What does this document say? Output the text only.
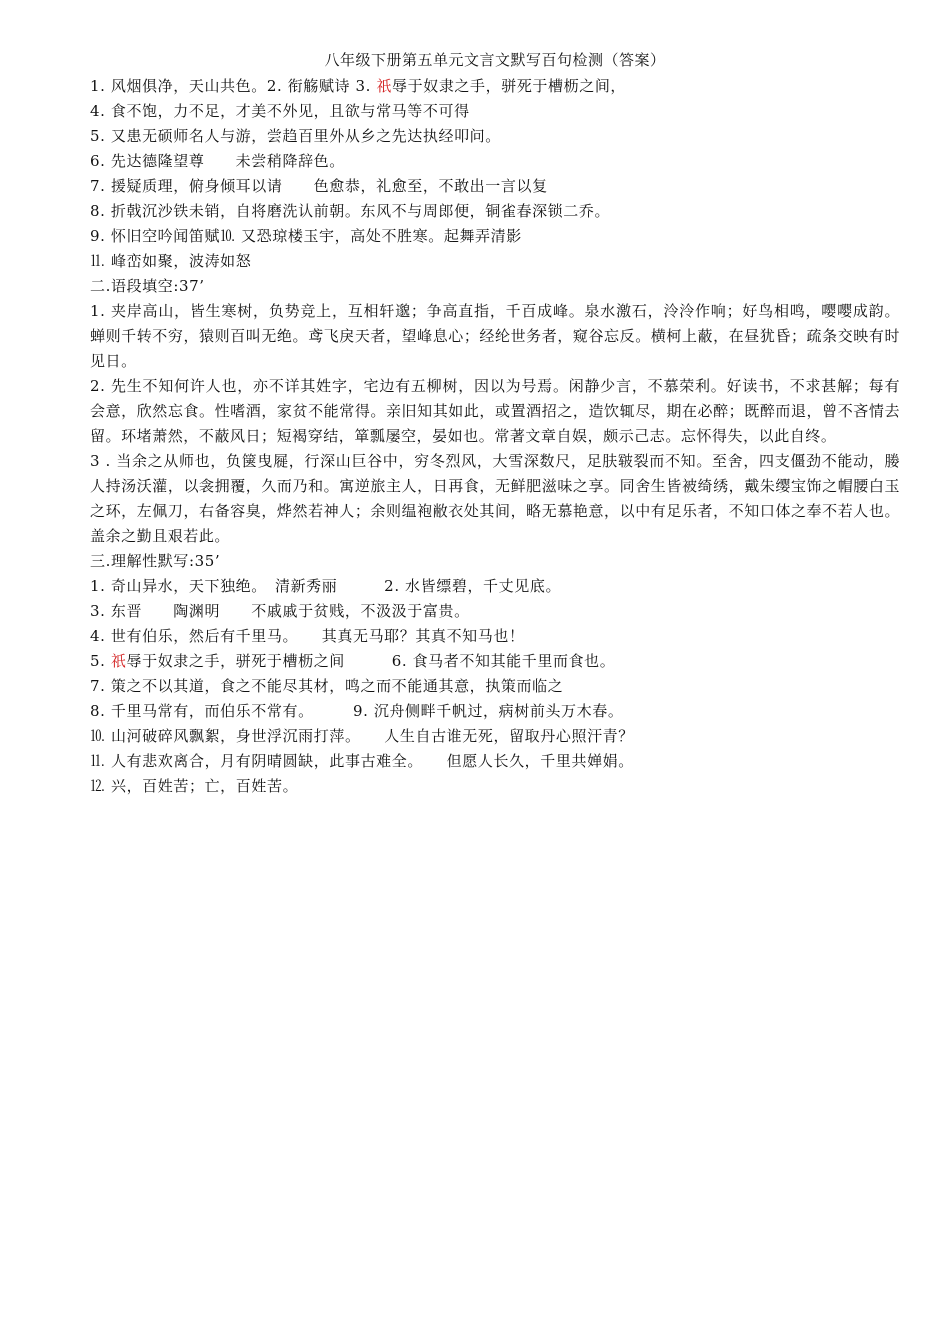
八年级下册第五单元文言文默写百句检测（答案）
1. 风烟俱净，天山共色。2. 衔觞赋诗 3. 祇辱于奴隶之手，骈死于槽枥之间，
4. 食不饱，力不足，才美不外见，且欲与常马等不可得
5. 又患无硕师名人与游，尝趋百里外从乡之先达执经叩问。
6. 先达德隆望尊　　未尝稍降辞色。
7. 援疑质理，俯身倾耳以请　　色愈恭，礼愈至，不敢出一言以复
8. 折戟沉沙铁未销，自将磨洗认前朝。东风不与周郎便，铜雀春深锁二乔。
9. 怀旧空吟闻笛赋⒑ 又恐琼楼玉宇，高处不胜寒。起舞弄清影
⒒ 峰峦如聚，波涛如怒
二.语段填空:37’

1. 夹岸高山，皆生寒树，负势竞上，互相轩邈；争高直指，千百成峰。泉水激石，泠泠作响；好鸟相鸣，嘤嘤成韵。蝉则千转不穷，猿则百叫无绝。鸢飞戾天者，望峰息心；经纶世务者，窥谷忘反。横柯上蔽，在昼犹昏；疏条交映有时见日。

2. 先生不知何许人也，亦不详其姓字，宅边有五柳树，因以为号焉。闲静少言，不慕荣利。好读书，不求甚解；每有会意，欣然忘食。性嗜酒，家贫不能常得。亲旧知其如此，或置酒招之，造饮辄尽，期在必醉；既醉而退，曾不吝情去留。环堵萧然，不蔽风日；短褐穿结，箪瓢屡空，晏如也。常著文章自娱，颇示己志。忘怀得失，以此自终。

3 . 当余之从师也，负箧曳屣，行深山巨谷中，穷冬烈风，大雪深数尺，足肤皲裂而不知。至舍，四支僵劲不能动，媵人持汤沃灌，以衾拥覆，久而乃和。寓逆旅主人，日再食，无鲜肥滋味之享。同舍生皆被绮绣，戴朱缨宝饰之帽腰白玉之环，左佩刀，右备容臭，烨然若神人；余则缊袍敝衣处其间，略无慕艳意，以中有足乐者，不知口体之奉不若人也。盖余之勤且艰若此。

三.理解性默写:35’
1. 奇山异水，天下独绝。　清新秀丽　　　2. 水皆缥碧，千丈见底。
3. 东晋　　陶渊明　　不戚戚于贫贱，不汲汲于富贵。
4. 世有伯乐，然后有千里马。　　其真无马耶？其真不知马也！
5. 祇辱于奴隶之手，骈死于槽枥之间　　　6. 食马者不知其能千里而食也。
7. 策之不以其道，食之不能尽其材，鸣之而不能通其意，执策而临之
8. 千里马常有，而伯乐不常有。　　　9. 沉舟侧畔千帆过，病树前头万木春。
⒑ 山河破碎风飘絮，身世浮沉雨打萍。　　人生自古谁无死，留取丹心照汗青？
⒒ 人有悲欢离合，月有阴晴圆缺，此事古难全。　　但愿人长久，千里共婵娟。
⒓ 兴，百姓苦；亡，百姓苦。
